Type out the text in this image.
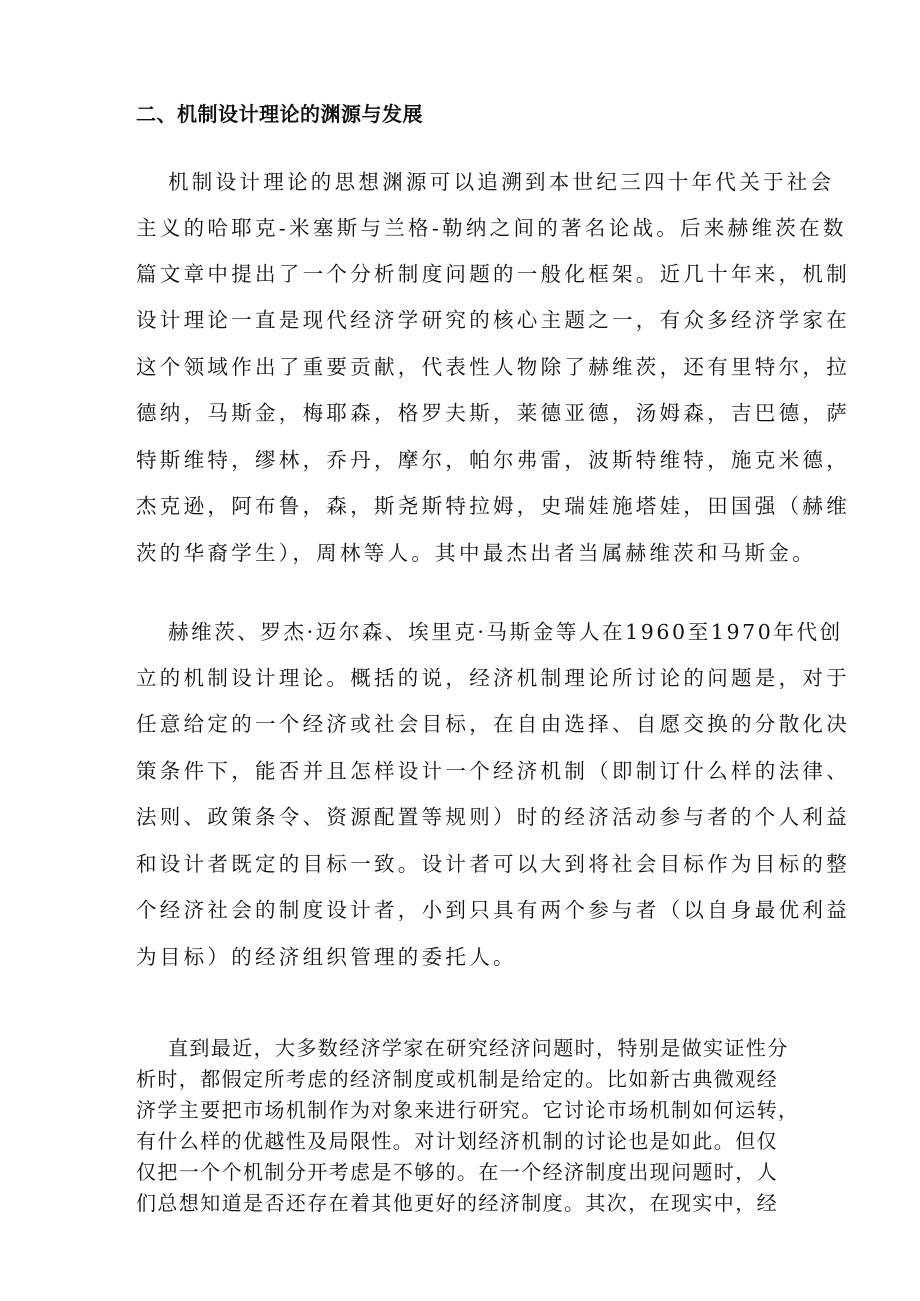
二、机制设计理论的渊源与发展
机制设计理论的思想渊源可以追溯到本世纪三四十年代关于社会
主义的哈耶克-米塞斯与兰格-勒纳之间的著名论战。后来赫维茨在数
篇文章中提出了一个分析制度问题的一般化框架。近几十年来，机制
设计理论一直是现代经济学研究的核心主题之一，有众多经济学家在
这个领域作出了重要贡献，代表性人物除了赫维茨，还有里特尔，拉
德纳，马斯金，梅耶森，格罗夫斯，莱德亚德，汤姆森，吉巴德，萨
特斯维特，缪林，乔丹，摩尔，帕尔弗雷，波斯特维特，施克米德，
杰克逊，阿布鲁，森，斯尧斯特拉姆，史瑞娃施塔娃，田国强（赫维
茨的华裔学生），周林等人。其中最杰出者当属赫维茨和马斯金。
赫维茨、罗杰·迈尔森、埃里克·马斯金等人在1960至1970年代创
立的机制设计理论。概括的说，经济机制理论所讨论的问题是，对于
任意给定的一个经济或社会目标，在自由选择、自愿交换的分散化决
策条件下，能否并且怎样设计一个经济机制（即制订什么样的法律、
法则、政策条令、资源配置等规则）时的经济活动参与者的个人利益
和设计者既定的目标一致。设计者可以大到将社会目标作为目标的整
个经济社会的制度设计者，小到只具有两个参与者（以自身最优利益
为目标）的经济组织管理的委托人。
直到最近，大多数经济学家在研究经济问题时，特别是做实证性分
析时，都假定所考虑的经济制度或机制是给定的。比如新古典微观经
济学主要把市场机制作为对象来进行研究。它讨论市场机制如何运转，
有什么样的优越性及局限性。对计划经济机制的讨论也是如此。但仅
仅把一个个机制分开考虑是不够的。在一个经济制度出现问题时，人
们总想知道是否还存在着其他更好的经济制度。其次，在现实中，经
